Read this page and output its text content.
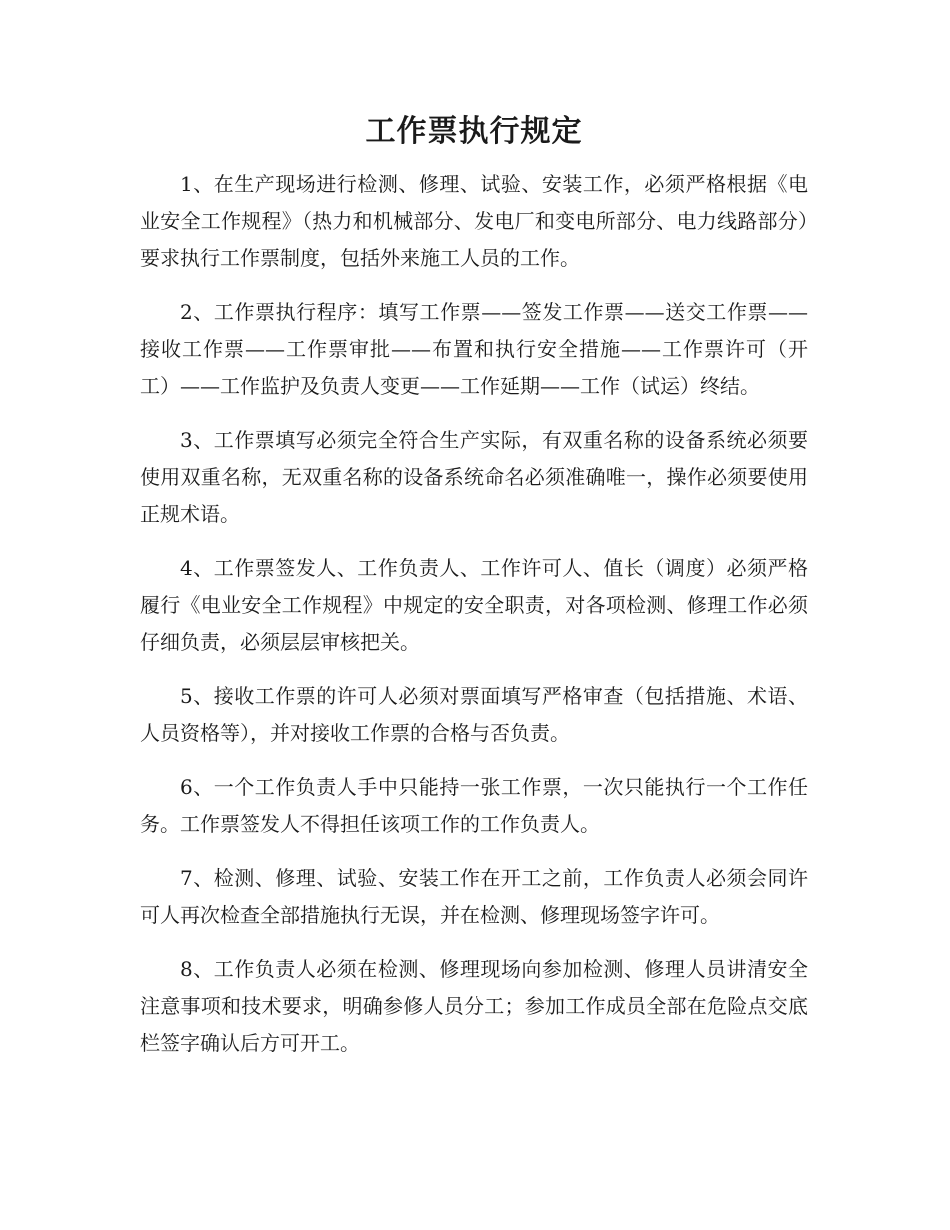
工作票执行规定

1、在生产现场进行检测、修理、试验、安装工作，必须严格根据《电业安全工作规程》（热力和机械部分、发电厂和变电所部分、电力线路部分）要求执行工作票制度，包括外来施工人员的工作。

2、工作票执行程序：填写工作票——签发工作票——送交工作票——接收工作票——工作票审批——布置和执行安全措施——工作票许可（开工）——工作监护及负责人变更——工作延期——工作（试运）终结。

3、工作票填写必须完全符合生产实际，有双重名称的设备系统必须要使用双重名称，无双重名称的设备系统命名必须准确唯一，操作必须要使用正规术语。

4、工作票签发人、工作负责人、工作许可人、值长（调度）必须严格履行《电业安全工作规程》中规定的安全职责，对各项检测、修理工作必须仔细负责，必须层层审核把关。

5、接收工作票的许可人必须对票面填写严格审查（包括措施、术语、人员资格等），并对接收工作票的合格与否负责。

6、一个工作负责人手中只能持一张工作票，一次只能执行一个工作任务。工作票签发人不得担任该项工作的工作负责人。

7、检测、修理、试验、安装工作在开工之前，工作负责人必须会同许可人再次检查全部措施执行无误，并在检测、修理现场签字许可。

8、工作负责人必须在检测、修理现场向参加检测、修理人员讲清安全注意事项和技术要求，明确参修人员分工；参加工作成员全部在危险点交底栏签字确认后方可开工。
